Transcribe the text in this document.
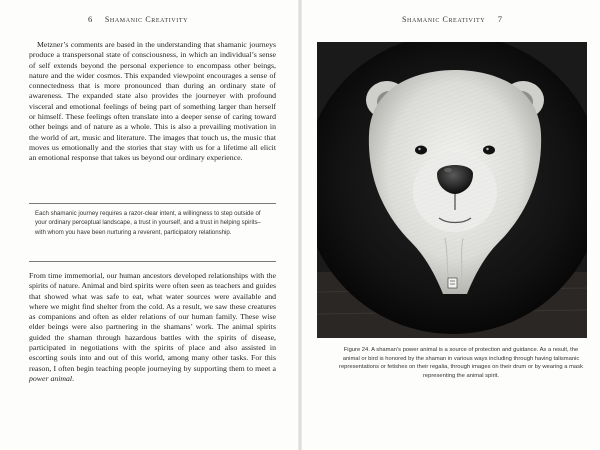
6 Shamanic Creativity

Metzner’s comments are based in the understanding that shamanic journeys produce a transpersonal state of consciousness, in which an individual’s sense of self extends beyond the personal experience to encompass other beings, nature and the wider cosmos. This expanded viewpoint encourages a sense of connectedness that is more pronounced than during an ordinary state of awareness. The expanded state also provides the journeyer with profound visceral and emotional feelings of being part of something larger than herself or himself. These feelings often translate into a deeper sense of caring toward other beings and of nature as a whole. This is also a prevailing motivation in the world of art, music and literature. The images that touch us, the music that moves us emotionally and the stories that stay with us for a lifetime all elicit an emotional response that takes us beyond our ordinary experience.

Each shamanic journey requires a razor-clear intent, a willingness to step outside of your ordinary perceptual landscape, a trust in yourself, and a trust in helping spirits–with whom you have been nurturing a reverent, participatory relationship.

From time immemorial, our human ancestors developed relationships with the spirits of nature. Animal and bird spirits were often seen as teachers and guides that showed what was safe to eat, what water sources were available and where we might find shelter from the cold. As a result, we saw these creatures as companions and often as elder relations of our human family. These wise elder beings were also partnering in the shamans’ work. The animal spirits guided the shaman through hazardous battles with the spirits of disease, participated in negotiations with the spirits of place and also assisted in escorting souls into and out of this world, among many other tasks. For this reason, I often begin teaching people journeying by supporting them to meet a power animal.

Shamanic Creativity 7

Figure 24. A shaman’s power animal is a source of protection and guidance. As a result, the animal or bird is honored by the shaman in various ways including through having talismanic representations or fetishes on their regalia, through images on their drum or by wearing a mask representing the animal spirit.
